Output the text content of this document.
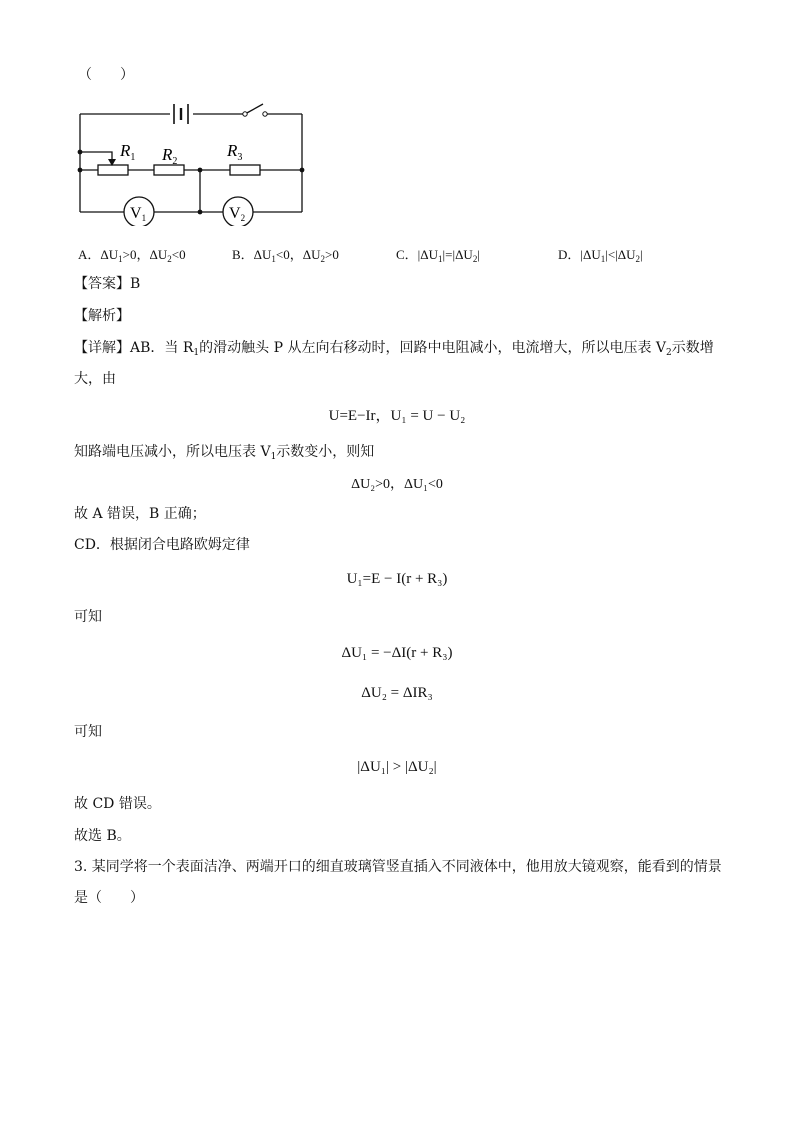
（　　）
$R_1$ $R_2$
$R_3$
V1	V2
A．$\Delta U_1>0$，$\Delta U_2<0$	B．$\Delta U_1<0$，$\Delta U_2>0$	C．$|\Delta U_1|=|\Delta U_2|$	D．$|\Delta U_1|<|\Delta U_2|$
【答案】B
【解析】
【详解】AB．当 $R_1$的滑动触头 P 从左向右移动时，回路中电阻减小，电流增大，所以电压表 $V_2$示数增
大，由
U=E−Ir，U₁ = U − U₂
知路端电压减小，所以电压表 $V_1$示数变小，则知
ΔU₂>0，ΔU₁<0
故 A 错误，B 正确；
CD．根据闭合电路欧姆定律
U₁=E − I(r + R₃)
可知
ΔU₁ = −ΔI(r + R₃)
ΔU₂ = ΔIR₃
可知
|ΔU₁| > |ΔU₂|
故 CD 错误。
故选 B。
3. 某同学将一个表面洁净、两端开口的细直玻璃管竖直插入不同液体中，他用放大镜观察，能看到的情景
是（　　）
